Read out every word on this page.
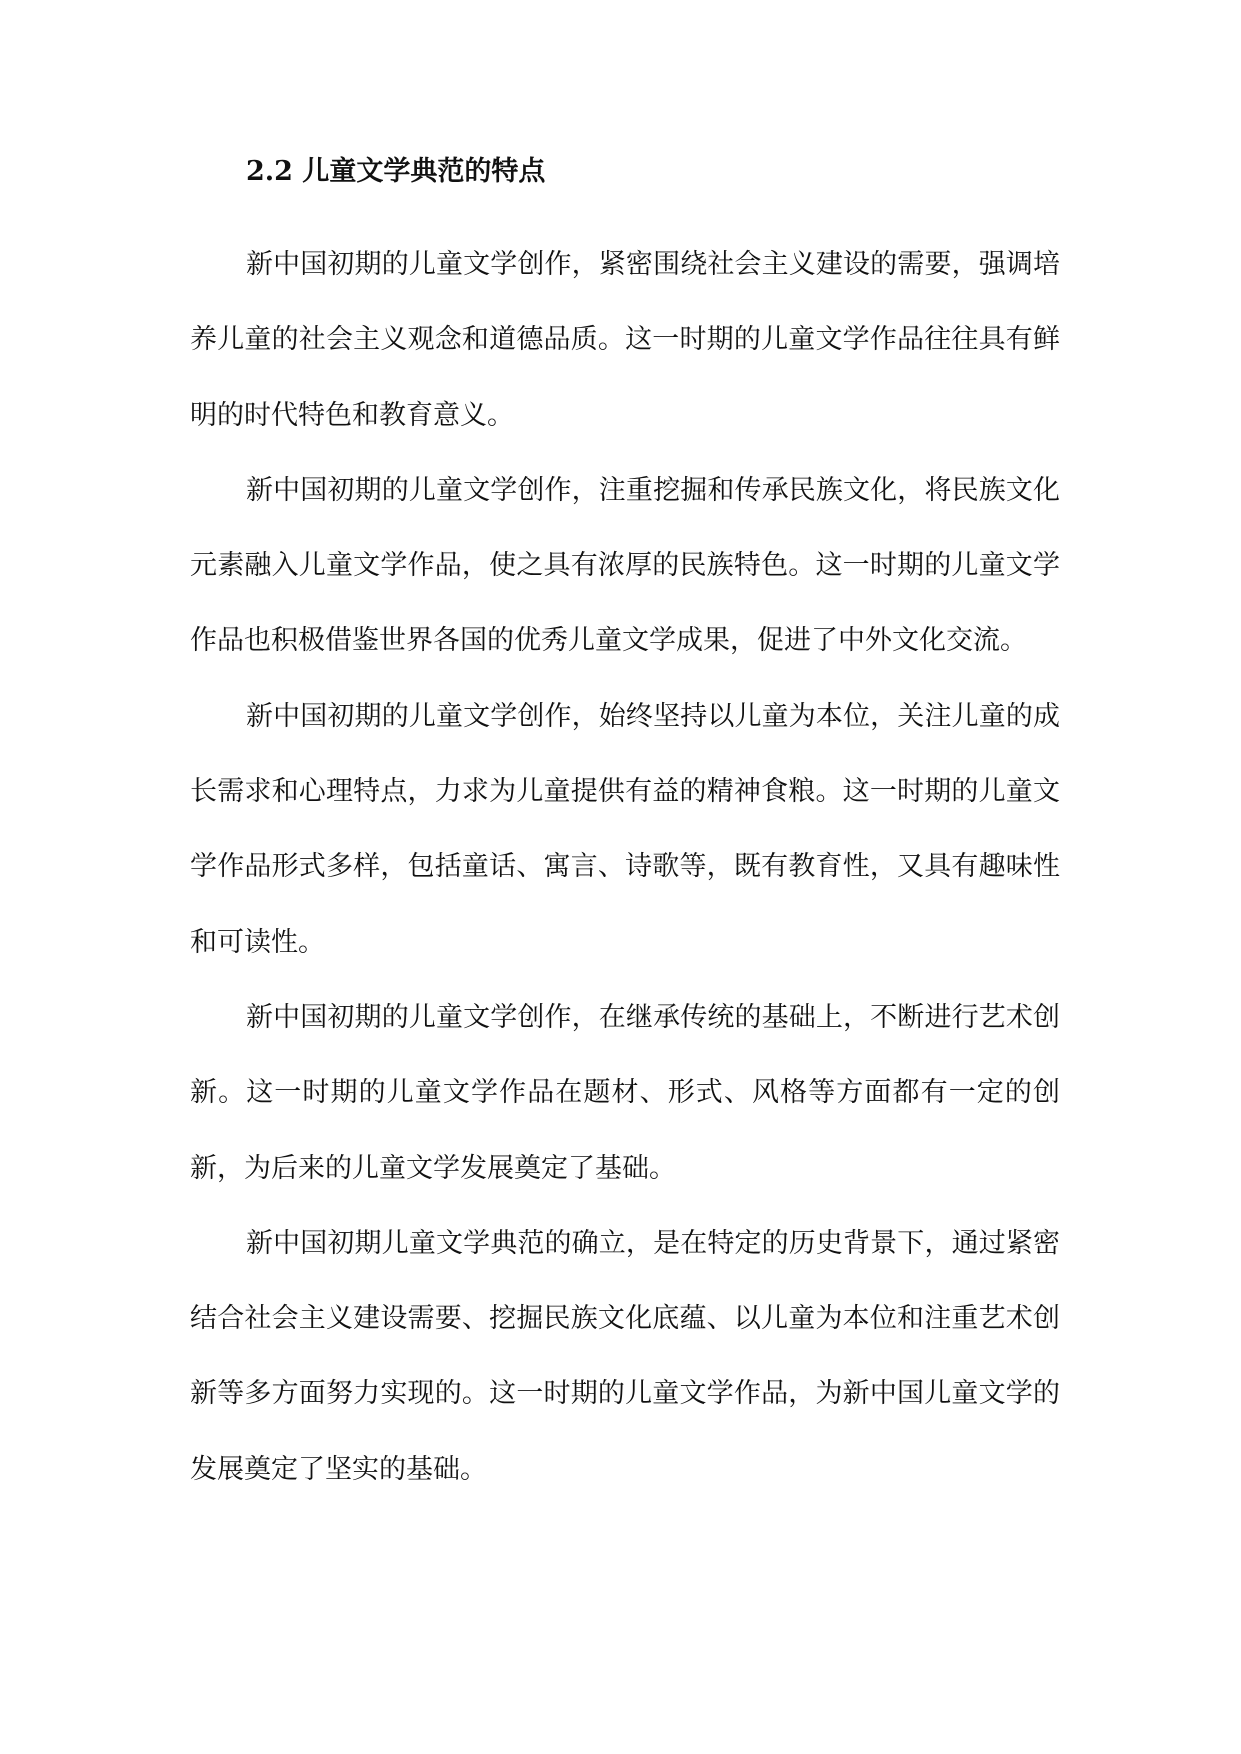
2.2 儿童文学典范的特点

新中国初期的儿童文学创作，紧密围绕社会主义建设的需要，强调培养儿童的社会主义观念和道德品质。这一时期的儿童文学作品往往具有鲜明的时代特色和教育意义。

新中国初期的儿童文学创作，注重挖掘和传承民族文化，将民族文化元素融入儿童文学作品，使之具有浓厚的民族特色。这一时期的儿童文学作品也积极借鉴世界各国的优秀儿童文学成果，促进了中外文化交流。

新中国初期的儿童文学创作，始终坚持以儿童为本位，关注儿童的成长需求和心理特点，力求为儿童提供有益的精神食粮。这一时期的儿童文学作品形式多样，包括童话、寓言、诗歌等，既有教育性，又具有趣味性和可读性。

新中国初期的儿童文学创作，在继承传统的基础上，不断进行艺术创新。这一时期的儿童文学作品在题材、形式、风格等方面都有一定的创新，为后来的儿童文学发展奠定了基础。

新中国初期儿童文学典范的确立，是在特定的历史背景下，通过紧密结合社会主义建设需要、挖掘民族文化底蕴、以儿童为本位和注重艺术创新等多方面努力实现的。这一时期的儿童文学作品，为新中国儿童文学的发展奠定了坚实的基础。
